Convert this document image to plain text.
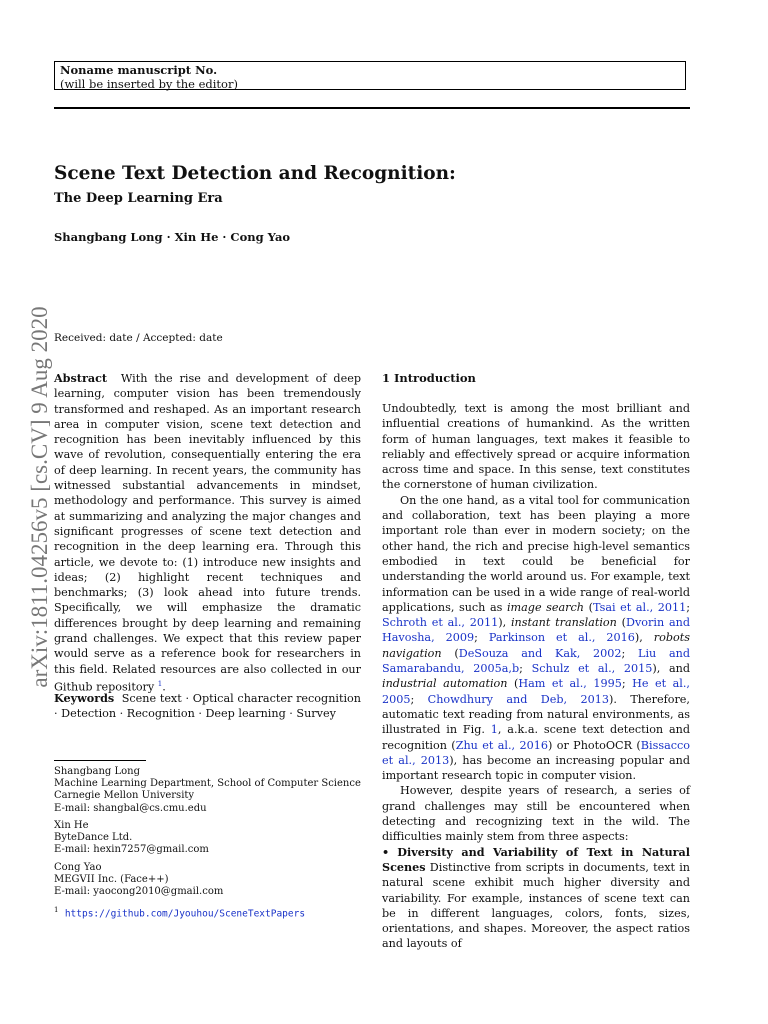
Noname manuscript No.
(will be inserted by the editor)
Scene Text Detection and Recognition:
The Deep Learning Era
Shangbang Long · Xin He · Cong Yao
Received: date / Accepted: date
arXiv:1811.04256v5 [cs.CV] 9 Aug 2020 Abstract With the rise and development of deep learning, computer vision has been tremendously transformed and reshaped. As an important research area in computer vision, scene text detection and recognition has been inevitably influenced by this wave of revolution, consequentially entering the era of deep learning. In recent years, the community has witnessed substantial advancements in mindset, methodology and performance. This survey is aimed at summarizing and analyzing the major changes and significant progresses of scene text detection and recognition in the deep learning era. Through this article, we devote to: (1) introduce new insights and ideas; (2) highlight recent techniques and benchmarks; (3) look ahead into future trends. Specifically, we will emphasize the dramatic differences brought by deep learning and remaining grand challenges. We expect that this review paper would serve as a reference book for researchers in this field. Related resources are also collected in our Github repository $^1$.

Keywords Scene text · Optical character recognition · Detection · Recognition · Deep learning · Survey

Shangbang Long
Machine Learning Department, School of Computer Science
Carnegie Mellon University
E-mail: shangbal@cs.cmu.edu
Xin He
ByteDance Ltd.
E-mail: hexin7257@gmail.com
Cong Yao
MEGVII Inc. (Face++)
E-mail: yaocong2010@gmail.com
$^1$ https://github.com/Jyouhou/SceneTextPapers
1 Introduction

Undoubtedly, text is among the most brilliant and influential creations of humankind. As the written form of human languages, text makes it feasible to reliably and effectively spread or acquire information across time and space. In this sense, text constitutes the cornerstone of human civilization.

On the one hand, as a vital tool for communication and collaboration, text has been playing a more important role than ever in modern society; on the other hand, the rich and precise high-level semantics embodied in text could be beneficial for understanding the world around us. For example, text information can be used in a wide range of real-world applications, such as image search (Tsai et al., 2011; Schroth et al., 2011), instant translation (Dvorin and Havosha, 2009; Parkinson et al., 2016), robots navigation (DeSouza and Kak, 2002; Liu and Samarabandu, 2005a,b; Schulz et al., 2015), and industrial automation (Ham et al., 1995; He et al., 2005; Chowdhury and Deb, 2013). Therefore, automatic text reading from natural environments, as illustrated in Fig. 1, a.k.a. scene text detection and recognition (Zhu et al., 2016) or PhotoOCR (Bissacco et al., 2013), has become an increasing popular and important research topic in computer vision.

However, despite years of research, a series of grand challenges may still be encountered when detecting and recognizing text in the wild. The difficulties mainly stem from three aspects:

• Diversity and Variability of Text in Natural Scenes Distinctive from scripts in documents, text in natural scene exhibit much higher diversity and variability. For example, instances of scene text can be in different languages, colors, fonts, sizes, orientations, and shapes. Moreover, the aspect ratios and layouts of
